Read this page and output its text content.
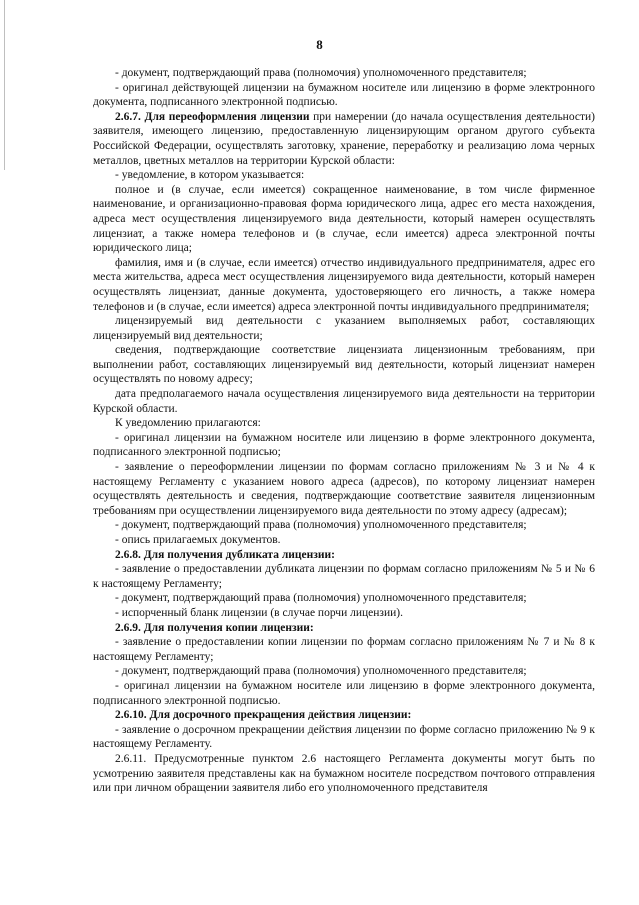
8

- документ, подтверждающий права (полномочия) уполномоченного представителя;

- оригинал действующей лицензии на бумажном носителе или лицензию в форме электронного документа, подписанного электронной подписью.

2.6.7. Для переоформления лицензии при намерении (до начала осуществления деятельности) заявителя, имеющего лицензию, предоставленную лицензирующим органом другого субъекта Российской Федерации, осуществлять заготовку, хранение, переработку и реализацию лома черных металлов, цветных металлов на территории Курской области:

- уведомление, в котором указывается:

полное и (в случае, если имеется) сокращенное наименование, в том числе фирменное наименование, и организационно-правовая форма юридического лица, адрес его места нахождения, адреса мест осуществления лицензируемого вида деятельности, который намерен осуществлять лицензиат, а также номера телефонов и (в случае, если имеется) адреса электронной почты юридического лица;

фамилия, имя и (в случае, если имеется) отчество индивидуального предпринимателя, адрес его места жительства, адреса мест осуществления лицензируемого вида деятельности, который намерен осуществлять лицензиат, данные документа, удостоверяющего его личность, а также номера телефонов и (в случае, если имеется) адреса электронной почты индивидуального предпринимателя;

лицензируемый вид деятельности с указанием выполняемых работ, составляющих лицензируемый вид деятельности;

сведения, подтверждающие соответствие лицензиата лицензионным требованиям, при выполнении работ, составляющих лицензируемый вид деятельности, который лицензиат намерен осуществлять по новому адресу;

дата предполагаемого начала осуществления лицензируемого вида деятельности на территории Курской области.

К уведомлению прилагаются:

- оригинал лицензии на бумажном носителе или лицензию в форме электронного документа, подписанного электронной подписью;

- заявление о переоформлении лицензии по формам согласно приложениям № 3 и № 4 к настоящему Регламенту с указанием нового адреса (адресов), по которому лицензиат намерен осуществлять деятельность и сведения, подтверждающие соответствие заявителя лицензионным требованиям при осуществлении лицензируемого вида деятельности по этому адресу (адресам);

- документ, подтверждающий права (полномочия) уполномоченного представителя;

- опись прилагаемых документов.

2.6.8. Для получения дубликата лицензии:

- заявление о предоставлении дубликата лицензии по формам согласно приложениям № 5 и № 6 к настоящему Регламенту;

- документ, подтверждающий права (полномочия) уполномоченного представителя;

- испорченный бланк лицензии (в случае порчи лицензии).

2.6.9. Для получения копии лицензии:

- заявление о предоставлении копии лицензии по формам согласно приложениям № 7 и № 8 к настоящему Регламенту;

- документ, подтверждающий права (полномочия) уполномоченного представителя;

- оригинал лицензии на бумажном носителе или лицензию в форме электронного документа, подписанного электронной подписью.

2.6.10. Для досрочного прекращения действия лицензии:

- заявление о досрочном прекращении действия лицензии по форме согласно приложению № 9 к настоящему Регламенту.

2.6.11. Предусмотренные пунктом 2.6 настоящего Регламента документы могут быть по усмотрению заявителя представлены как на бумажном носителе посредством почтового отправления или при личном обращении заявителя либо его уполномоченного представителя
